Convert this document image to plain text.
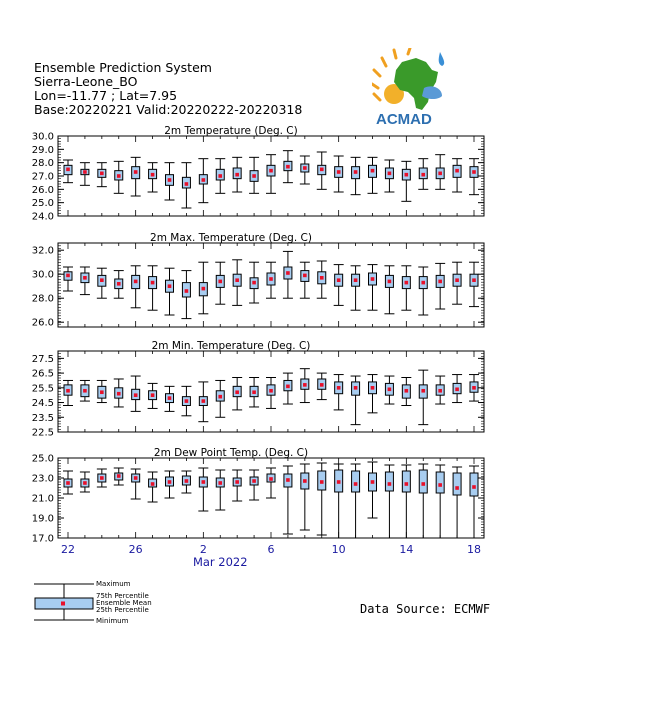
Ensemble Prediction System
Sierra-Leone_BO
Lon=-11.77 ; Lat=7.95
Base:20220221 Valid:20220222-20220318
ACMAD
2m Temperature (Deg. C)
24.0
25.0
26.0
27.0
28.0
29.0
30.0
2m Max. Temperature (Deg. C)
26.0
28.0
30.0
32.0
2m Min. Temperature (Deg. C)
22.5
23.5
24.5
25.5
26.5
27.5
2m Dew Point Temp. (Deg. C)
17.0
19.0
21.0
23.0
25.0
22	26	2	6	10	14	18
Mar 2022
Maximum
75th Percentile
Ensemble Mean
25th Percentile
Minimum
Data Source: ECMWF
